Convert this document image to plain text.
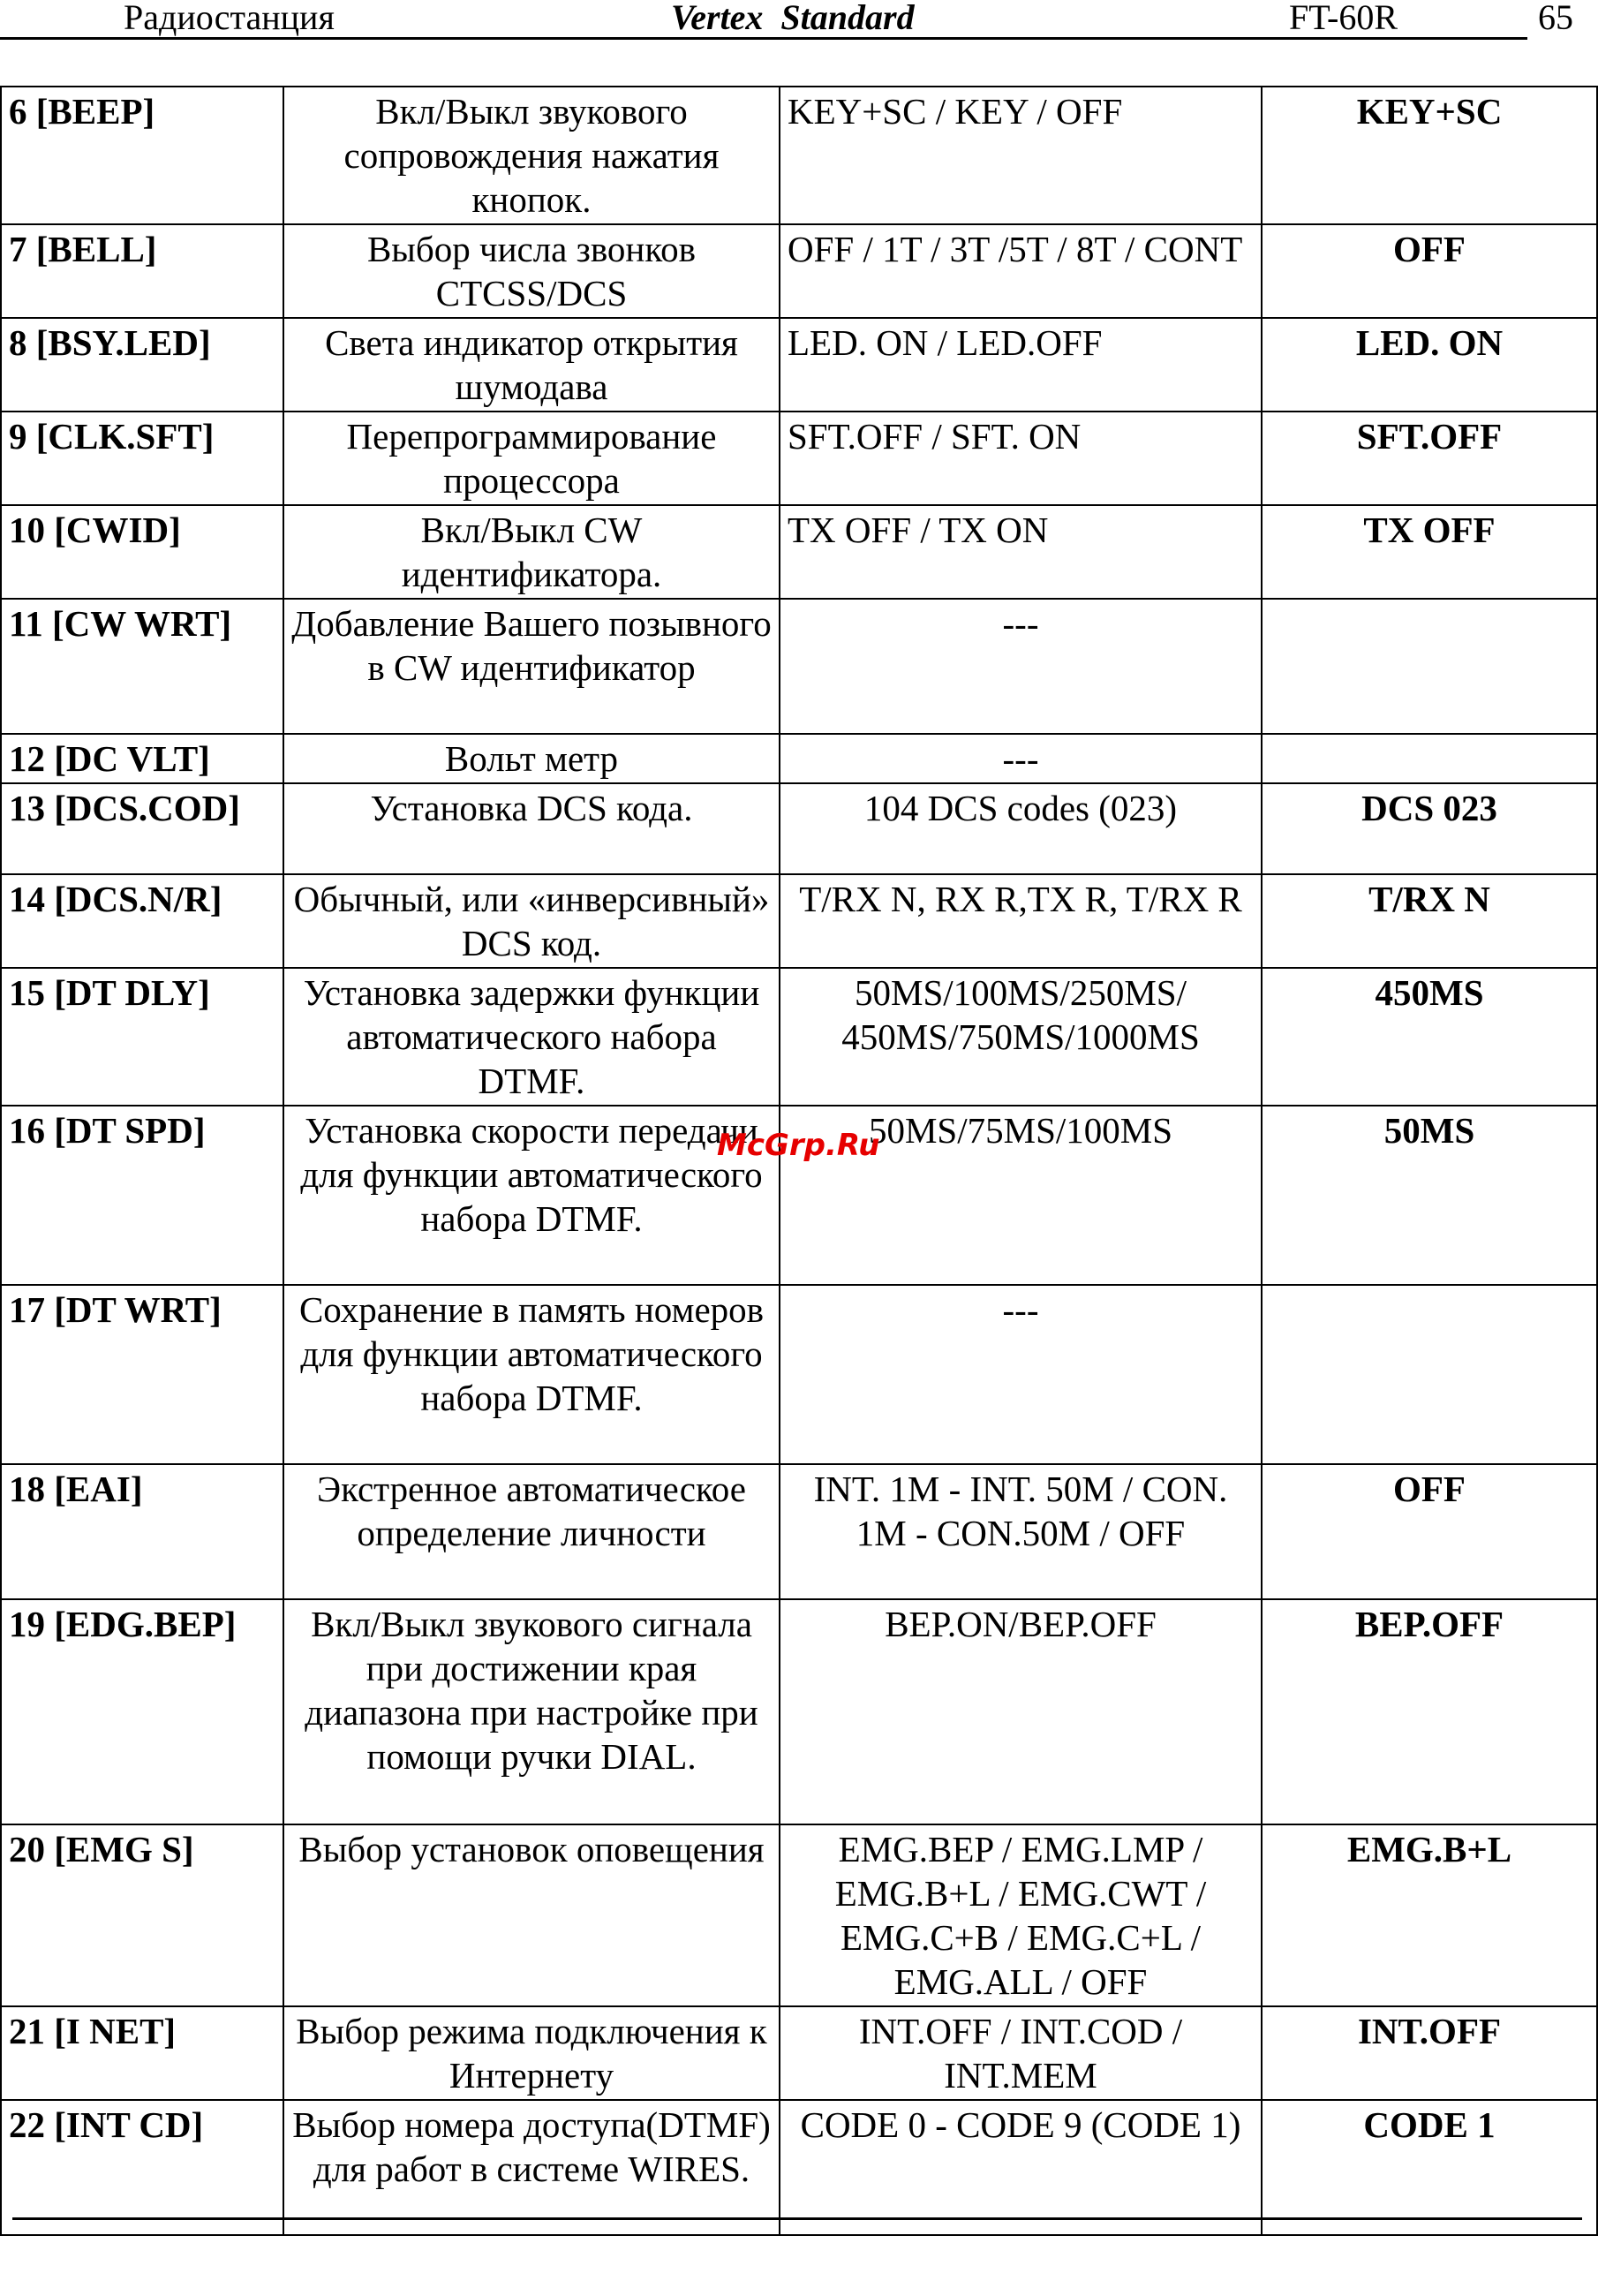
Радиостанция	Vertex Standard	FT-60R	65
6 [BEEP]	Вкл/Выкл звукового сопровождения нажатия кнопок.	KEY+SC / KEY / OFF	KEY+SC
7 [BELL]	Выбор числа звонков CTCSS/DCS	OFF / 1T / 3T /5T / 8T / CONT	OFF
8 [BSY.LED]	Света индикатор открытия шумодава	LED. ON / LED.OFF	LED. ON
9 [CLK.SFT]	Перепрограммирование процессора	SFT.OFF / SFT. ON	SFT.OFF
10 [CWID]	Вкл/Выкл CW идентификатора.	TX OFF / TX ON	TX OFF
11 [CW WRT]	Добавление Вашего позывного в CW идентификатор	---	
12 [DC VLT]	Вольт метр	---	
13 [DCS.COD]	Установка DCS кода.	104 DCS codes (023)	DCS 023
14 [DCS.N/R]	Обычный, или «инверсивный» DCS код.	T/RX N, RX R,TX R, T/RX R	T/RX N
15 [DT DLY]	Установка задержки функции автоматического набора DTMF.	50MS/100MS/250MS/ 450MS/750MS/1000MS	450MS
16 [DT SPD]	Установка скорости передачи для функции автоматического набора DTMF.	50MS/75MS/100MS	50MS
17 [DT WRT]	Сохранение в память номеров для функции автоматического набора DTMF.	---	
18 [EAI]	Экстренное автоматическое определение личности	INT. 1M - INT. 50M / CON. 1M - CON.50M / OFF	OFF
19 [EDG.BEP]	Вкл/Выкл звукового сигнала при достижении края диапазона при настройке при помощи ручки DIAL.	BEP.ON/BEP.OFF	BEP.OFF
20 [EMG S]	Выбор установок оповещения	EMG.BEP / EMG.LMP / EMG.B+L / EMG.CWT / EMG.C+B / EMG.C+L / EMG.ALL / OFF	EMG.B+L
21 [I NET]	Выбор режима подключения к Интернету	INT.OFF / INT.COD / INT.MEM	INT.OFF
22 [INT CD]	Выбор номера доступа(DTMF) для работ в системе WIRES.	CODE 0 - CODE 9 (CODE 1)	CODE 1
McGrp.Ru
